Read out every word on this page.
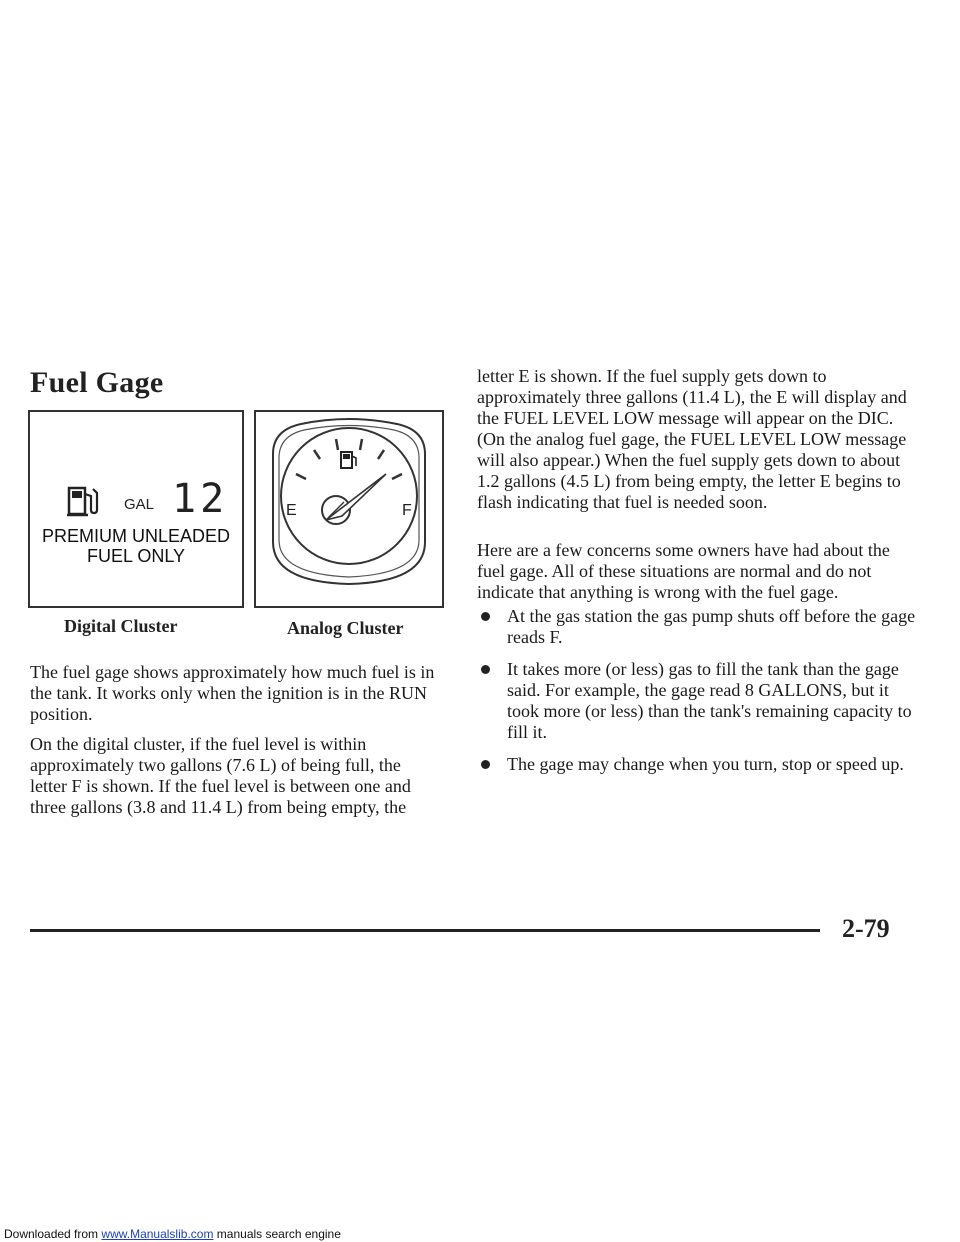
Fuel Gage
GAL 12
PREMIUM UNLEADED
FUEL ONLY
E	F
Digital Cluster	Analog Cluster
The fuel gage shows approximately how much fuel is in the tank. It works only when the ignition is in the RUN position.
On the digital cluster, if the fuel level is within approximately two gallons (7.6 L) of being full, the letter F is shown. If the fuel level is between one and three gallons (3.8 and 11.4 L) from being empty, the
letter E is shown. If the fuel supply gets down to approximately three gallons (11.4 L), the E will display and the FUEL LEVEL LOW message will appear on the DIC. (On the analog fuel gage, the FUEL LEVEL LOW message will also appear.) When the fuel supply gets down to about 1.2 gallons (4.5 L) from being empty, the letter E begins to flash indicating that fuel is needed soon.
Here are a few concerns some owners have had about the fuel gage. All of these situations are normal and do not indicate that anything is wrong with the fuel gage.
At the gas station the gas pump shuts off before the gage reads F.
It takes more (or less) gas to fill the tank than the gage said. For example, the gage read 8 GALLONS, but it took more (or less) than the tank's remaining capacity to fill it.
The gage may change when you turn, stop or speed up.
2-79
Downloaded from www.Manualslib.com manuals search engine
